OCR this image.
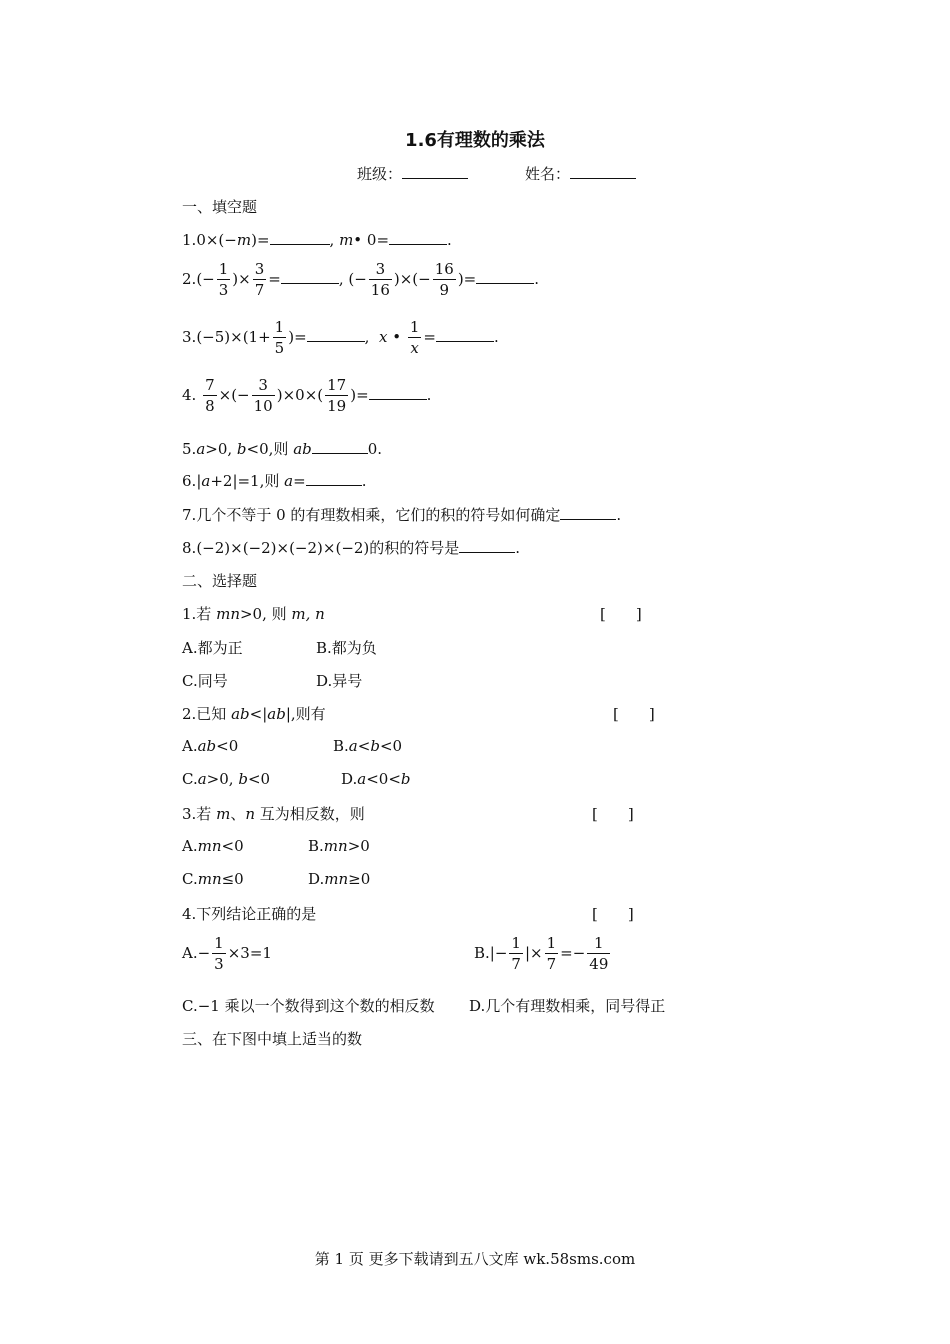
1.6有理数的乘法
班级：	姓名：
一、填空题
1.0×(−m)=	, m• 0=	.
$2.(- \frac{1}{3}$ )× $\frac{3}{7}$ =	, (− $\frac{3}{16}$ )×(− $\frac{16}{9}$ )=	.
$3.(-5)\times(1+ \frac{1}{5}$ )=	,  x • $\frac{1}{x}$ =	.
4. $\frac{7}{8}$ ×(− $\frac{3}{10} )\times 0\times( \frac{17}{19}$ )=	.
5.a>0, b<0,则 ab	0.
6.|a+2|=1,则 a=	.
7.几个不等于 0 的有理数相乘，它们的积的符号如何确定	.
8.(−2)×(−2)×(−2)×(−2)的积的符号是	.
二、选择题
1.若 mn>0, 则 m, n	[　　]
A.都为正	B.都为负
C.同号	D.异号
2.已知 ab<|ab|,则有	[　　]
A.ab<0	B.a<b<0
C.a>0, b<0	D.a<0<b
3.若 m、n 互为相反数，则	[　　]
A.mn<0	B.mn>0
C.mn≤0	D.mn≥0
4.下列结论正确的是	[　　]
$A.- \frac{1}{3} \times 3=1$	$B.|- \frac{1}{7}$ |× $\frac{1}{7} =- \frac{1}{49}$
C.−1 乘以一个数得到这个数的相反数 D.几个有理数相乘，同号得正
三、在下图中填上适当的数
第 1 页 更多下载请到五八文库 wk.58sms.com
